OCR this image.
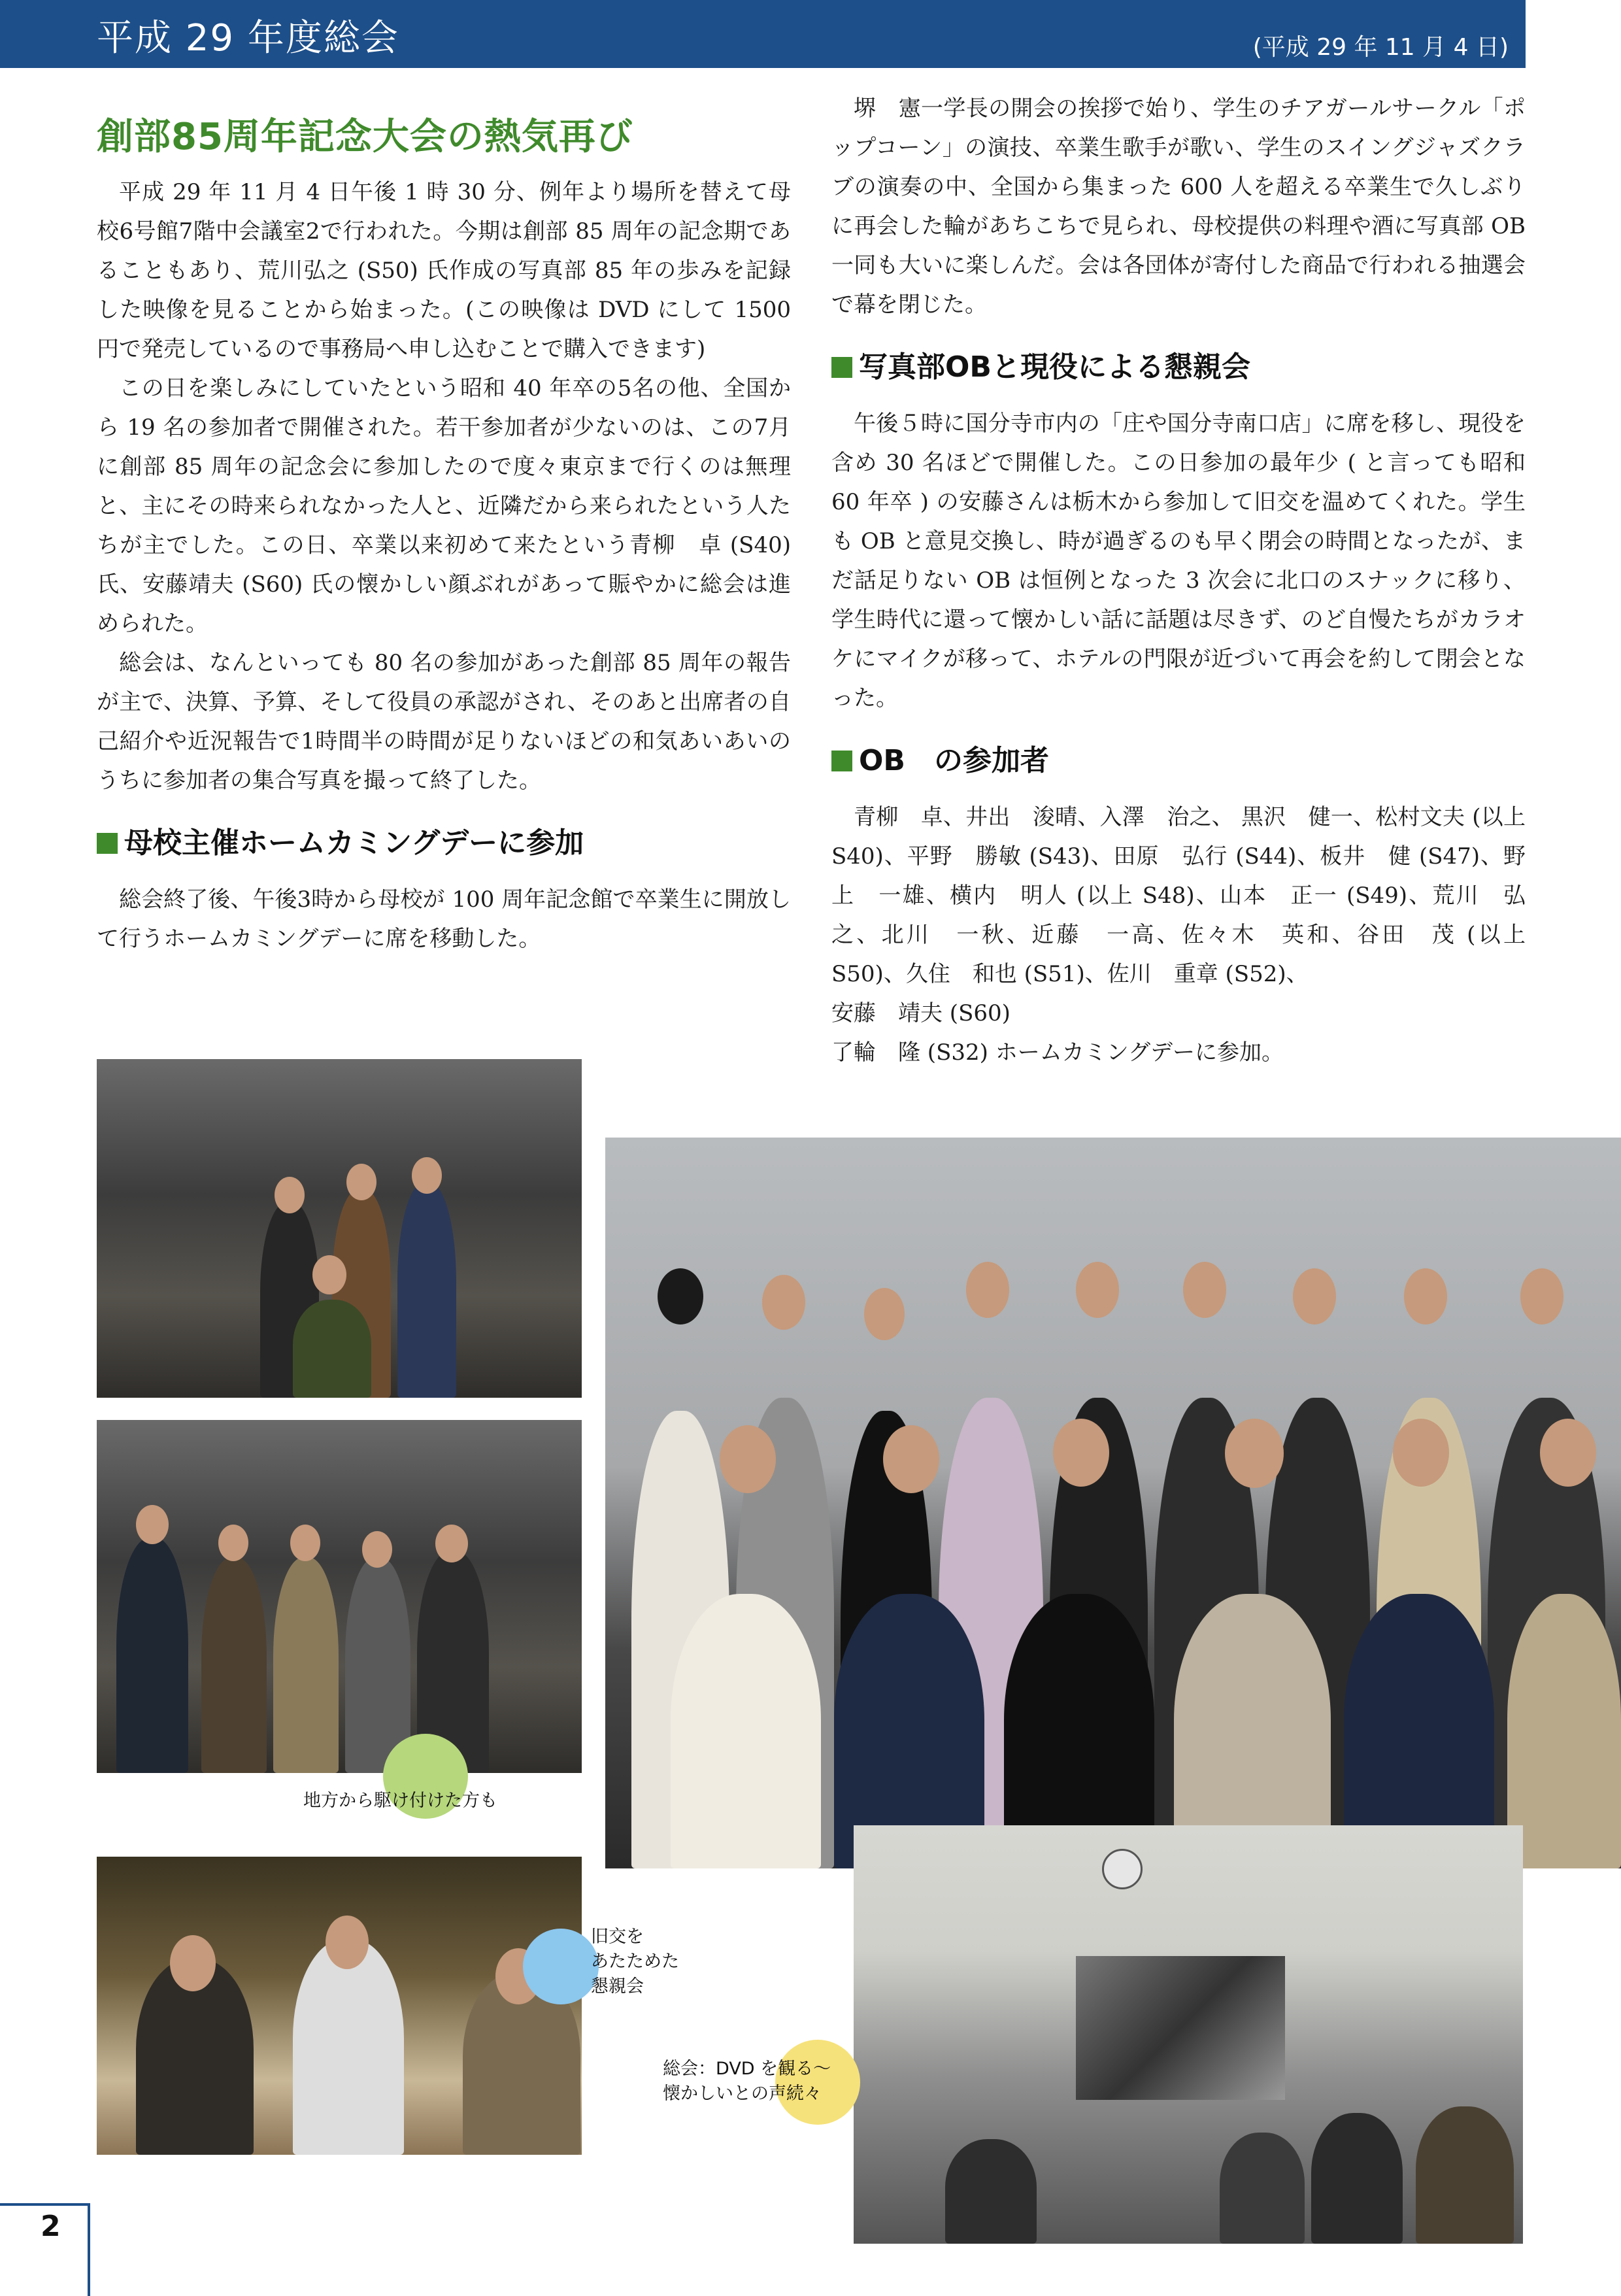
平成 29 年度総会	(平成 29 年 11 月 4 日)
創部85周年記念大会の熱気再び

平成 29 年 11 月 4 日午後 1 時 30 分、例年より場所を替えて母校6号館7階中会議室2で行われた。今期は創部 85 周年の記念期であることもあり、荒川弘之 (S50) 氏作成の写真部 85 年の歩みを記録した映像を見ることから始まった。(この映像は DVD にして 1500 円で発売しているので事務局へ申し込むことで購入できます)

この日を楽しみにしていたという昭和 40 年卒の5名の他、全国から 19 名の参加者で開催された。若干参加者が少ないのは、この7月に創部 85 周年の記念会に参加したので度々東京まで行くのは無理と、主にその時来られなかった人と、近隣だから来られたという人たちが主でした。この日、卒業以来初めて来たという青柳　卓 (S40) 氏、安藤靖夫 (S60) 氏の懐かしい顔ぶれがあって賑やかに総会は進められた。

総会は、なんといっても 80 名の参加があった創部 85 周年の報告が主で、決算、予算、そして役員の承認がされ、そのあと出席者の自己紹介や近況報告で1時間半の時間が足りないほどの和気あいあいのうちに参加者の集合写真を撮って終了した。

母校主催ホームカミングデーに参加

総会終了後、午後3時から母校が 100 周年記念館で卒業生に開放して行うホームカミングデーに席を移動した。

堺　憲一学長の開会の挨拶で始り、学生のチアガールサークル「ポップコーン」の演技、卒業生歌手が歌い、学生のスイングジャズクラブの演奏の中、全国から集まった 600 人を超える卒業生で久しぶりに再会した輪があちこちで見られ、母校提供の料理や酒に写真部 OB 一同も大いに楽しんだ。会は各団体が寄付した商品で行われる抽選会で幕を閉じた。

写真部OBと現役による懇親会

午後５時に国分寺市内の「庄や国分寺南口店」に席を移し、現役を含め 30 名ほどで開催した。この日参加の最年少 ( と言っても昭和 60 年卒 ) の安藤さんは栃木から参加して旧交を温めてくれた。学生も OB と意見交換し、時が過ぎるのも早く閉会の時間となったが、まだ話足りない OB は恒例となった 3 次会に北口のスナックに移り、学生時代に還って懐かしい話に話題は尽きず、のど自慢たちがカラオケにマイクが移って、ホテルの門限が近づいて再会を約して閉会となった。

OB　の参加者

青柳　卓、井出　浚晴、入澤　治之、 黒沢　健一、松村文夫 (以上 S40)、平野　勝敏 (S43)、田原　弘行 (S44)、板井　健 (S47)、野上　一雄、横内　明人 (以上 S48)、山本　正一 (S49)、荒川　弘之、北川　一秋、近藤　一高、佐々木　英和、谷田　茂 (以上 S50)、久住　和也 (S51)、佐川　重章 (S52)、

安藤　靖夫 (S60)

了輪　隆 (S32) ホームカミングデーに参加。

地方から駆け付けた方も
旧交を
あたためた
懇親会
総会：DVD を観る～
懐かしいとの声続々
2
